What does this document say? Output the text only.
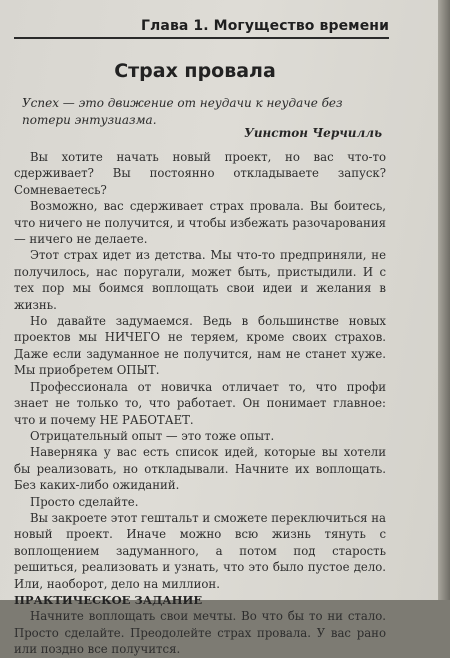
Глава 1. Могущество времени
Страх провала
Успех — это движение от неудачи к неудаче без потери энтузиазма.
Уинстон Черчилль

Вы хотите начать новый проект, но вас что-то сдерживает? Вы постоянно откладываете запуск? Сомневаетесь?

Возможно, вас сдерживает страх провала. Вы боитесь, что ничего не получится, и чтобы избежать разочарования — ничего не делаете.

Этот страх идет из детства. Мы что-то предприняли, не получилось, нас поругали, может быть, пристыдили. И с тех пор мы боимся воплощать свои идеи и желания в жизнь.

Но давайте задумаемся. Ведь в большинстве новых проектов мы НИЧЕГО не теряем, кроме своих страхов. Даже если задуманное не получится, нам не станет хуже. Мы приобретем ОПЫТ.

Профессионала от новичка отличает то, что профи знает не только то, что работает. Он понимает главное: что и почему НЕ РАБОТАЕТ.

Отрицательный опыт — это тоже опыт.

Наверняка у вас есть список идей, которые вы хотели бы реализовать, но откладывали. Начните их воплощать. Без каких-либо ожиданий.

Просто сделайте.

Вы закроете этот гештальт и сможете переключиться на новый проект. Иначе можно всю жизнь тянуть с воплощением задуманного, а потом под старость решиться, реализовать и узнать, что это было пустое дело. Или, наоборот, дело на миллион.

ПРАКТИЧЕСКОЕ ЗАДАНИЕ

Начните воплощать свои мечты. Во что бы то ни стало. Просто сделайте. Преодолейте страх провала. У вас рано или поздно все получится.
